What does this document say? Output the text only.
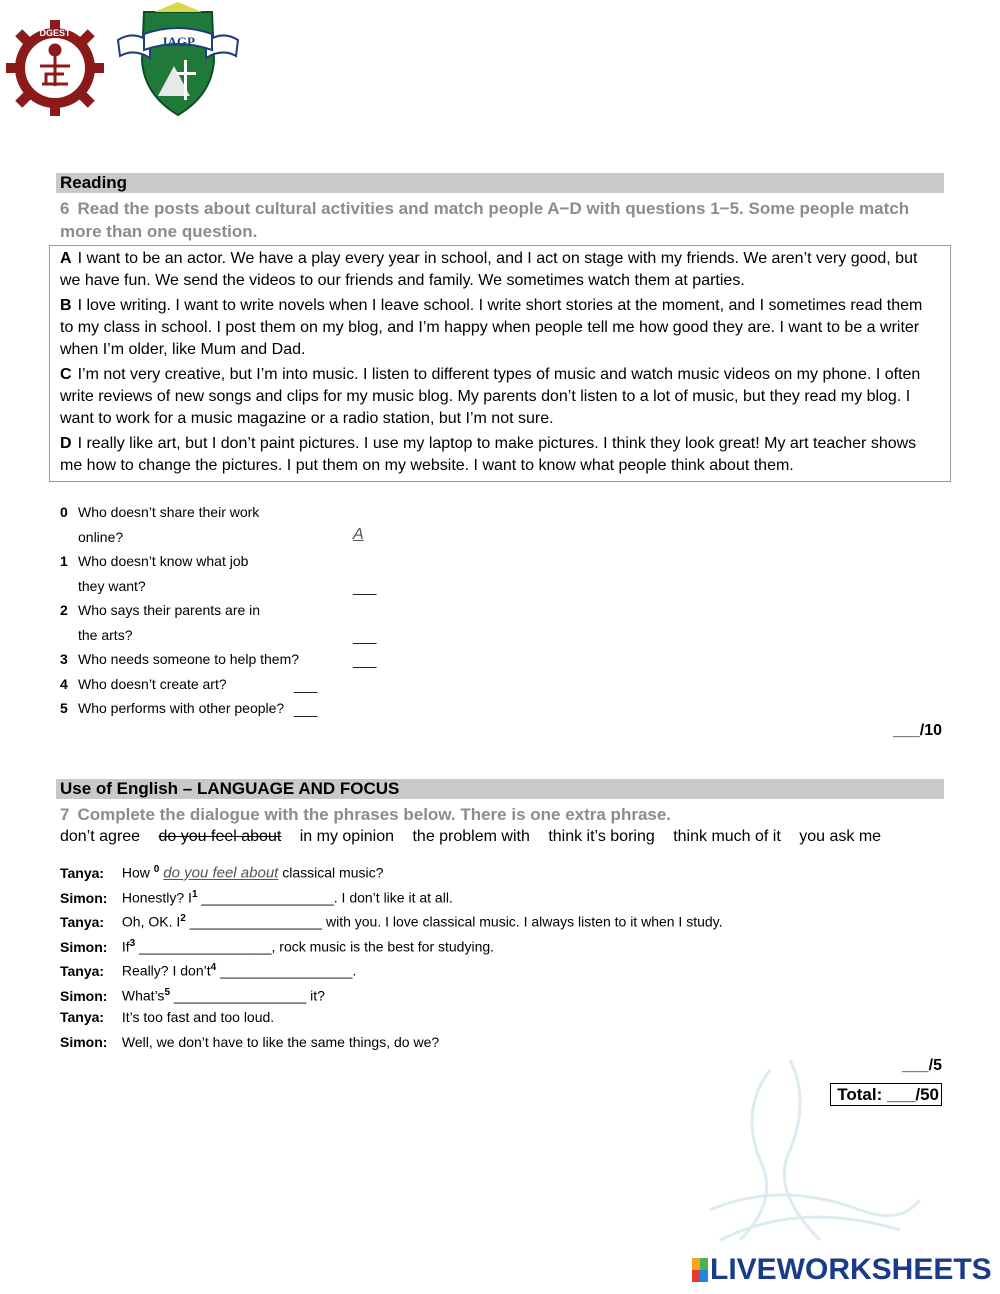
DGEST

JAGP
Reading
6 Read the posts about cultural activities and match people A−D with questions 1−5. Some people match more than one question.

A I want to be an actor. We have a play every year in school, and I act on stage with my friends. We aren’t very good, but we have fun. We send the videos to our friends and family. We sometimes watch them at parties.

B I love writing. I want to write novels when I leave school. I write short stories at the moment, and I sometimes read them to my class in school. I post them on my blog, and I’m happy when people tell me how good they are. I want to be a writer when I’m older, like Mum and Dad.

C I’m not very creative, but I’m into music. I listen to different types of music and watch music videos on my phone. I often write reviews of new songs and clips for my music blog. My parents don’t listen to a lot of music, but they read my blog. I want to work for a music magazine or a radio station, but I’m not sure.

D I really like art, but I don’t paint pictures. I use my laptop to make pictures. I think they look great! My art teacher shows me how to change the pictures. I put them on my website. I want to know what people think about them.

0 Who doesn’t share their work
online?	A
1 Who doesn’t know what job
they want?	___
2 Who says their parents are in
the arts?	___
3 Who needs someone to help them?	___
4 Who doesn’t create art?	___
5 Who performs with other people? ___
___/10
Use of English – LANGUAGE AND FOCUS
7 Complete the dialogue with the phrases below. There is one extra phrase.
don’t agree do you feel about in my opinion the problem with think it’s boring think much of it you ask me
Tanya: How $^0$ do you feel about classical music?
Simon: Honestly? $I^1$ _________________. I don’t like it at all.
Tanya: Oh, OK. $I^2$ _________________ with you. I love classical music. I always listen to it when I study.
Simon: If$^3$ _________________, rock music is the best for studying.
Tanya: Really? I $don’t^4$ _________________.
Simon: $What’s^5$ _________________ it?
Tanya: It’s too fast and too loud.
Simon: Well, we don’t have to like the same things, do we?
___/5
Total: ___/50
LIVEWORKSHEETS
